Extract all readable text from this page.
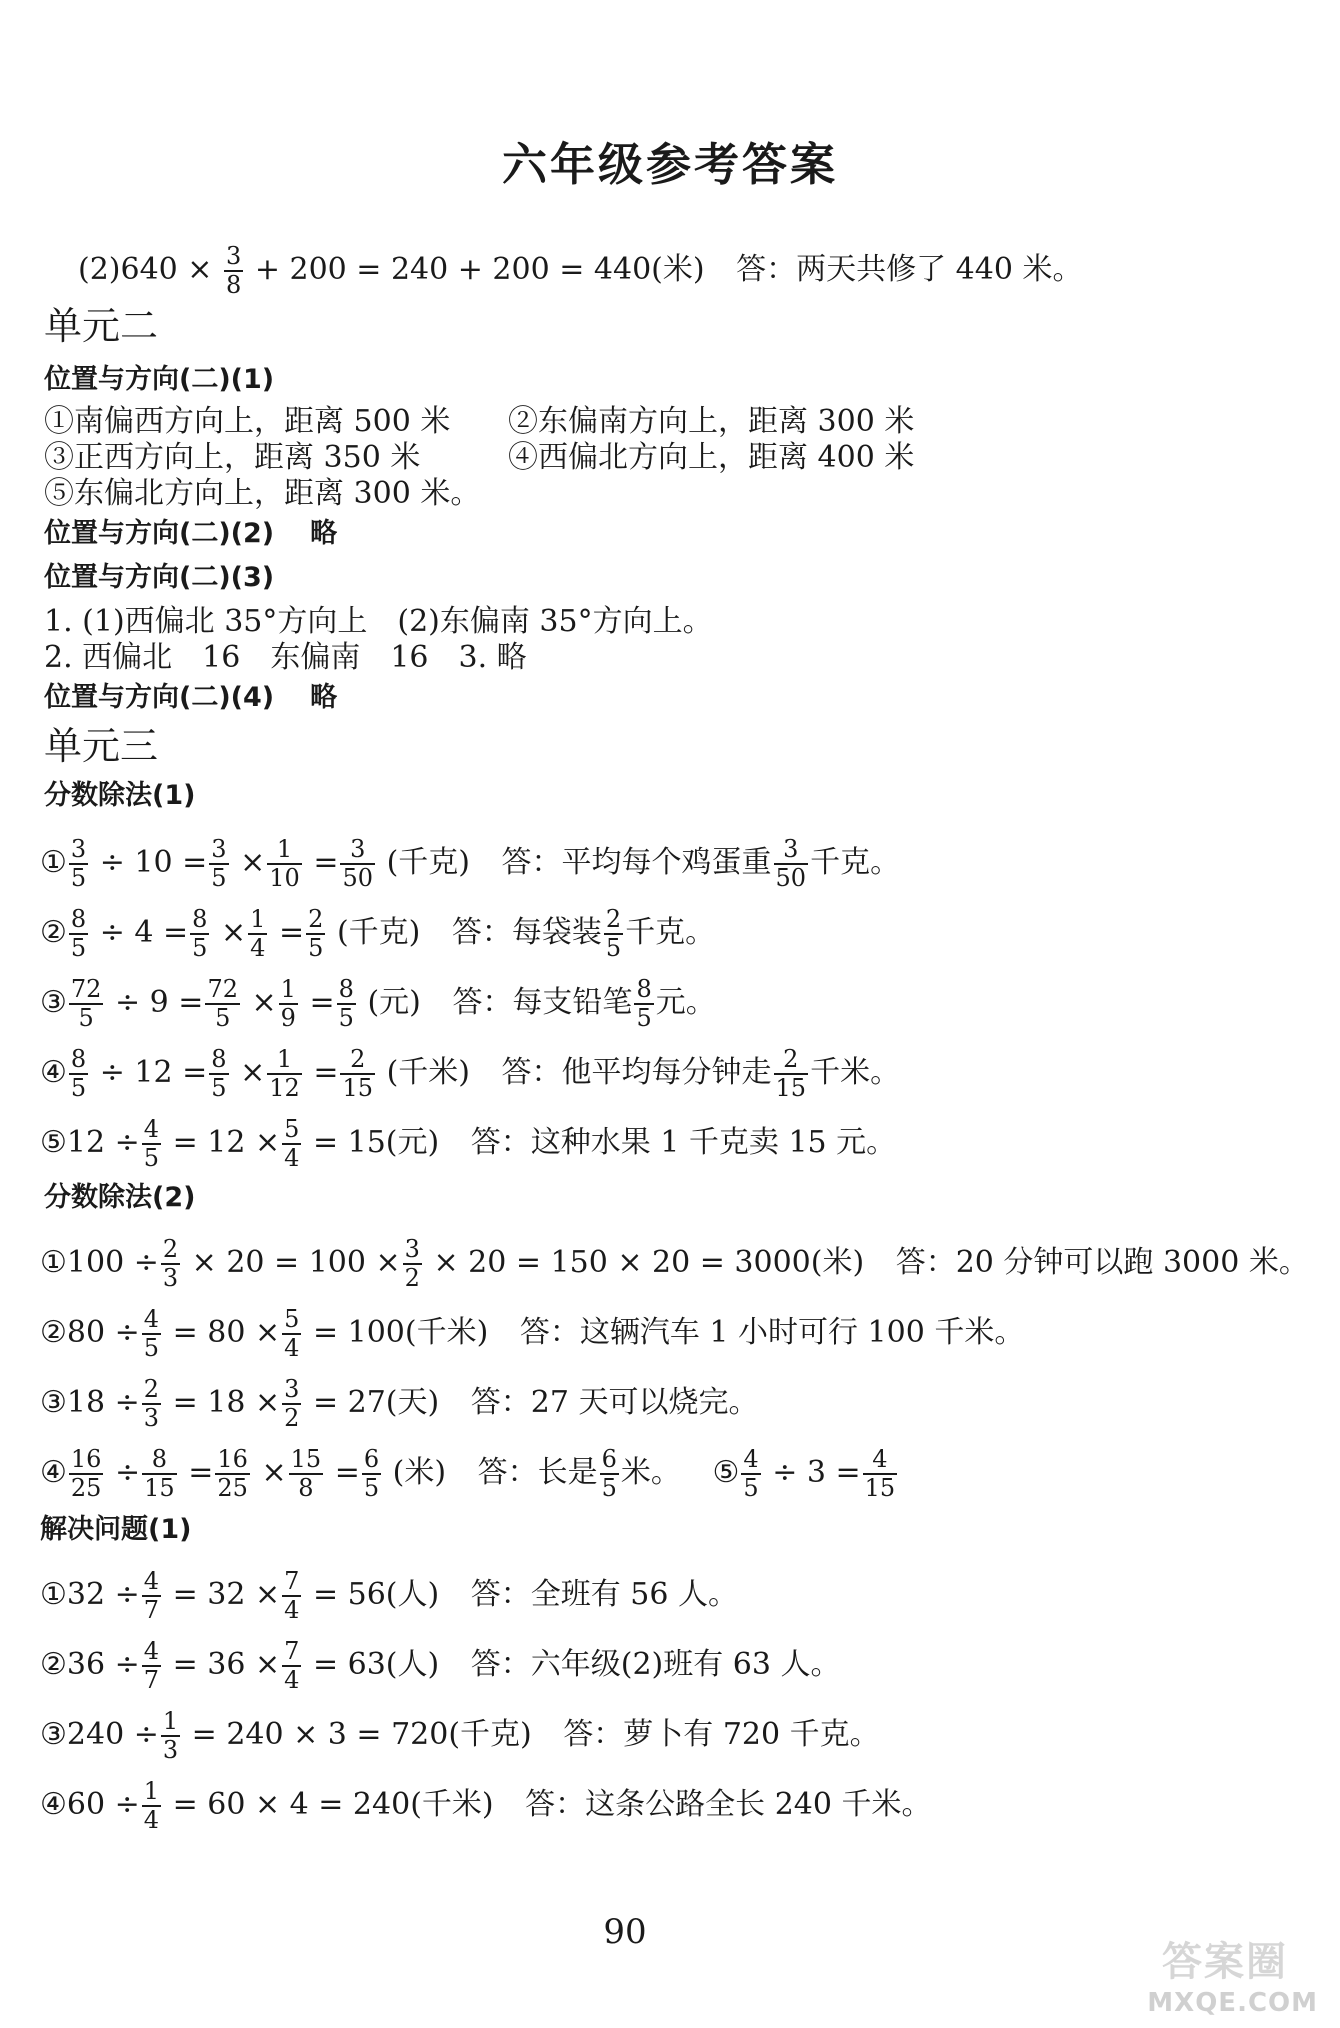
六年级参考答案
$(2)640 \times \frac{3}{8} + 200 = 240 + 200 = 440$(米) 答：两天共修了 440 米。
单元二
位置与方向(二)(1)
①南偏西方向上，距离 500 米 ②东偏南方向上，距离 300 米
③正西方向上，距离 350 米	④西偏北方向上，距离 400 米
⑤东偏北方向上，距离 300 米。
位置与方向(二)(2) 略
位置与方向(二)(3)
1. (1)西偏北 35°方向上　(2)东偏南 35°方向上。
2. 西偏北　16　东偏南　16　3. 略
位置与方向(二)(4) 略
单元三
分数除法(1)
① $\frac{3}{5} \div 10 = \frac{3}{5} \times \frac{1}{10} = \frac{3}{50}$ (千克) 答：平均每个鸡蛋重 $\frac{3}{50}$ 千克。
② $\frac{8}{5} \div 4 = \frac{8}{5} \times \frac{1}{4} = \frac{2}{5}$ (千克) 答：每袋装 $\frac{2}{5}$ 千克。
③ $\frac{72}{5} \div 9 = \frac{72}{5} \times \frac{1}{9} = \frac{8}{5}$ (元) 答：每支铅笔 $\frac{8}{5}$ 元。
④ $\frac{8}{5} \div 12 = \frac{8}{5} \times \frac{1}{12} = \frac{2}{15}$ (千米) 答：他平均每分钟走 $\frac{2}{15}$ 千米。
⑤12 ÷ $\frac{4}{5} = 12 \times \frac{5}{4} = 15$(元) 答：这种水果 1 千克卖 15 元。
分数除法(2)
①100 ÷ $\frac{2}{3} \times 20 = 100 \times \frac{3}{2} \times 20 = 150 \times 20 = 3000$(米) 答：20 分钟可以跑 3000 米。
②80 ÷ $\frac{4}{5} = 80 \times \frac{5}{4} = 100$(千米) 答：这辆汽车 1 小时可行 100 千米。
③18 ÷ $\frac{2}{3} = 18 \times \frac{3}{2} = 27$(天) 答：27 天可以烧完。
④ $\frac{16}{25} \div \frac{8}{15} = \frac{16}{25} \times \frac{15}{8} = \frac{6}{5}$ (米) 答：长是 $\frac{6}{5}$ 米。 ⑤ $\frac{4}{5} \div 3 = \frac{4}{15}$
解决问题(1)
①32 ÷ $\frac{4}{7} = 32 \times \frac{7}{4} = 56$(人) 答：全班有 56 人。
②36 ÷ $\frac{4}{7} = 36 \times \frac{7}{4} = 63$(人) 答：六年级(2)班有 63 人。
③240 ÷ $\frac{1}{3} = 240 \times 3 = 720$(千克) 答：萝卜有 720 千克。
④60 ÷ $\frac{1}{4} = 60 \times 4 = 240$(千米) 答：这条公路全长 240 千米。
90
答案圈
MXQE.COM
